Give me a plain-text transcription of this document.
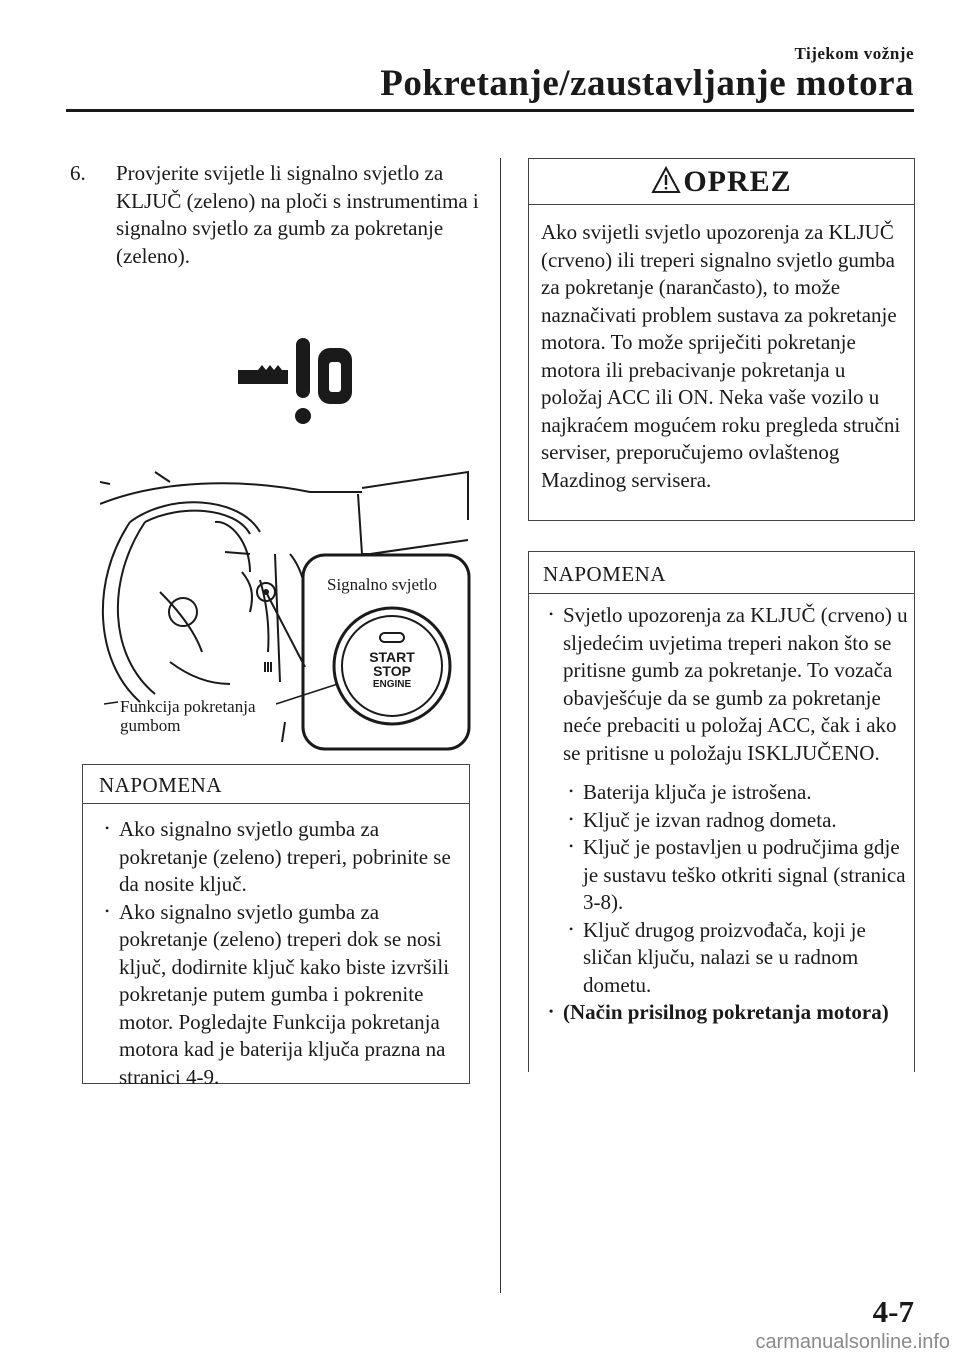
Tijekom vožnje
Pokretanje/zaustavljanje motora
6. Provjerite svijetle li signalno svjetlo za KLJUČ (zeleno) na ploči s instrumentima i signalno svjetlo za gumb za pokretanje (zeleno).
START
STOP
ENGINE
Signalno svjetlo
Funkcija pokretanja
gumbom
NAPOMENA
• Ako signalno svjetlo gumba za pokretanje (zeleno) treperi, pobrinite se da nosite ključ.
• Ako signalno svjetlo gumba za pokretanje (zeleno) treperi dok se nosi ključ, dodirnite ključ kako biste izvršili pokretanje putem gumba i pokrenite motor. Pogledajte Funkcija pokretanja motora kad je baterija ključa prazna na stranici 4-9.
OPREZ
Ako svijetli svjetlo upozorenja za KLJUČ (crveno) ili treperi signalno svjetlo gumba za pokretanje (narančasto), to može naznačivati problem sustava za pokretanje motora. To može spriječiti pokretanje motora ili prebacivanje pokretanja u položaj ACC ili ON. Neka vaše vozilo u najkraćem mogućem roku pregleda stručni serviser, preporučujemo ovlaštenog Mazdinog servisera.
NAPOMENA
• Svjetlo upozorenja za KLJUČ (crveno) u sljedećim uvjetima treperi nakon što se pritisne gumb za pokretanje. To vozača obavješćuje da se gumb za pokretanje neće prebaciti u položaj ACC, čak i ako se pritisne u položaju ISKLJUČENO.
• Baterija ključa je istrošena.
• Ključ je izvan radnog dometa.
• Ključ je postavljen u područjima gdje je sustavu teško otkriti signal (stranica 3-8).
• Ključ drugog proizvođača, koji je sličan ključu, nalazi se u radnom dometu.
• (Način prisilnog pokretanja motora)
4-7
carmanualsonline.info
